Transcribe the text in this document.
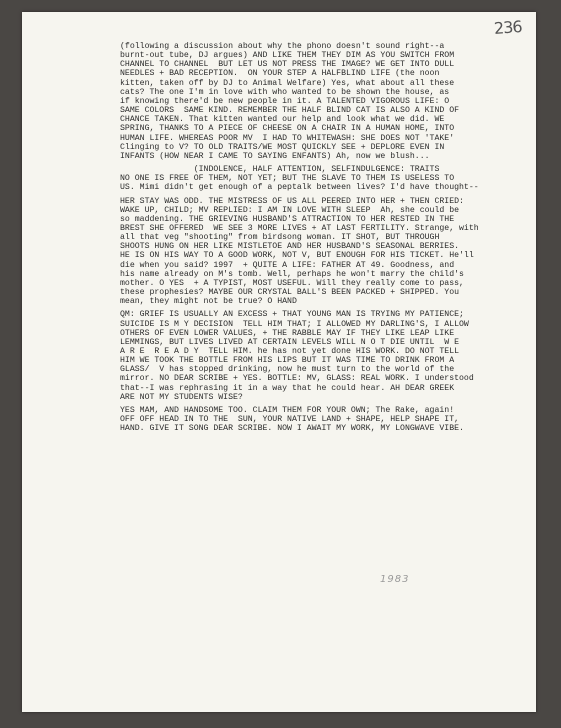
236
(following a discussion about why the phono doesn't sound right--a
burnt-out tube, DJ argues) AND LIKE THEM THEY DIM AS YOU SWITCH FROM
CHANNEL TO CHANNEL  BUT LET US NOT PRESS THE IMAGE? WE GET INTO DULL
NEEDLES + BAD RECEPTION.  ON YOUR STEP A HALFBLIND LIFE (the noon
kitten, taken off by DJ to Animal Welfare) Yes, what about all these
cats? The one I'm in love with who wanted to be shown the house, as
if knowing there'd be new people in it. A TALENTED VIGOROUS LIFE: O
SAME COLORS  SAME KIND. REMEMBER THE HALF BLIND CAT IS ALSO A KIND OF
CHANCE TAKEN. That kitten wanted our help and look what we did. WE
SPRING, THANKS TO A PIECE OF CHEESE ON A CHAIR IN A HUMAN HOME, INTO
HUMAN LIFE. WHEREAS POOR MV  I HAD TO WHITEWASH: SHE DOES NOT 'TAKE'
Clinging to V? TO OLD TRAITS/WE MOST QUICKLY SEE + DEPLORE EVEN IN
INFANTS (HOW NEAR I CAME TO SAYING ENFANTS) Ah, now we blush...
(INDOLENCE, HALF ATTENTION, SELFINDULGENCE: TRAITS
NO ONE IS FREE OF THEM, NOT YET; BUT THE SLAVE TO THEM IS USELESS TO
US. Mimi didn't get enough of a peptalk between lives? I'd have thought--
HER STAY WAS ODD. THE MISTRESS OF US ALL PEERED INTO HER + THEN CRIED:
WAKE UP, CHILD; MV REPLIED: I AM IN LOVE WITH SLEEP  Ah, she could be
so maddening. THE GRIEVING HUSBAND'S ATTRACTION TO HER RESTED IN THE
BREST SHE OFFERED  WE SEE 3 MORE LIVES + AT LAST FERTILITY. Strange, with
all that veg "shooting" from birdsong woman. IT SHOT, BUT THROUGH
SHOOTS HUNG ON HER LIKE MISTLETOE AND HER HUSBAND'S SEASONAL BERRIES.
HE IS ON HIS WAY TO A GOOD WORK, NOT V, BUT ENOUGH FOR HIS TICKET. He'll
die when you said? 1997  + QUITE A LIFE: FATHER AT 49. Goodness, and
his name already on M's tomb. Well, perhaps he won't marry the child's
mother. O YES  + A TYPIST, MOST USEFUL. Will they really come to pass,
these prophesies? MAYBE OUR CRYSTAL BALL'S BEEN PACKED + SHIPPED. You
mean, they might not be true? O HAND
QM: GRIEF IS USUALLY AN EXCESS + THAT YOUNG MAN IS TRYING MY PATIENCE;
SUICIDE IS M Y DECISION  TELL HIM THAT; I ALLOWED MY DARLING'S, I ALLOW
OTHERS OF EVEN LOWER VALUES, + THE RABBLE MAY IF THEY LIKE LEAP LIKE
LEMMINGS, BUT LIVES LIVED AT CERTAIN LEVELS WILL N O T DIE UNTIL  W E
A R E  R E A D Y  TELL HIM. he has not yet done HIS WORK. DO NOT TELL
HIM WE TOOK THE BOTTLE FROM HIS LIPS BUT IT WAS TIME TO DRINK FROM A
GLASS/  V has stopped drinking, now he must turn to the world of the
mirror. NO DEAR SCRIBE + YES. BOTTLE: MV, GLASS: REAL WORK. I understood
that--I was rephrasing it in a way that he could hear. AH DEAR GREEK
ARE NOT MY STUDENTS WISE?
YES MAM, AND HANDSOME TOO. CLAIM THEM FOR YOUR OWN; The Rake, again!
OFF OFF HEAD IN TO THE  SUN, YOUR NATIVE LAND + SHAPE, HELP SHAPE IT,
HAND. GIVE IT SONG DEAR SCRIBE. NOW I AWAIT MY WORK, MY LONGWAVE VIBE.
1983
